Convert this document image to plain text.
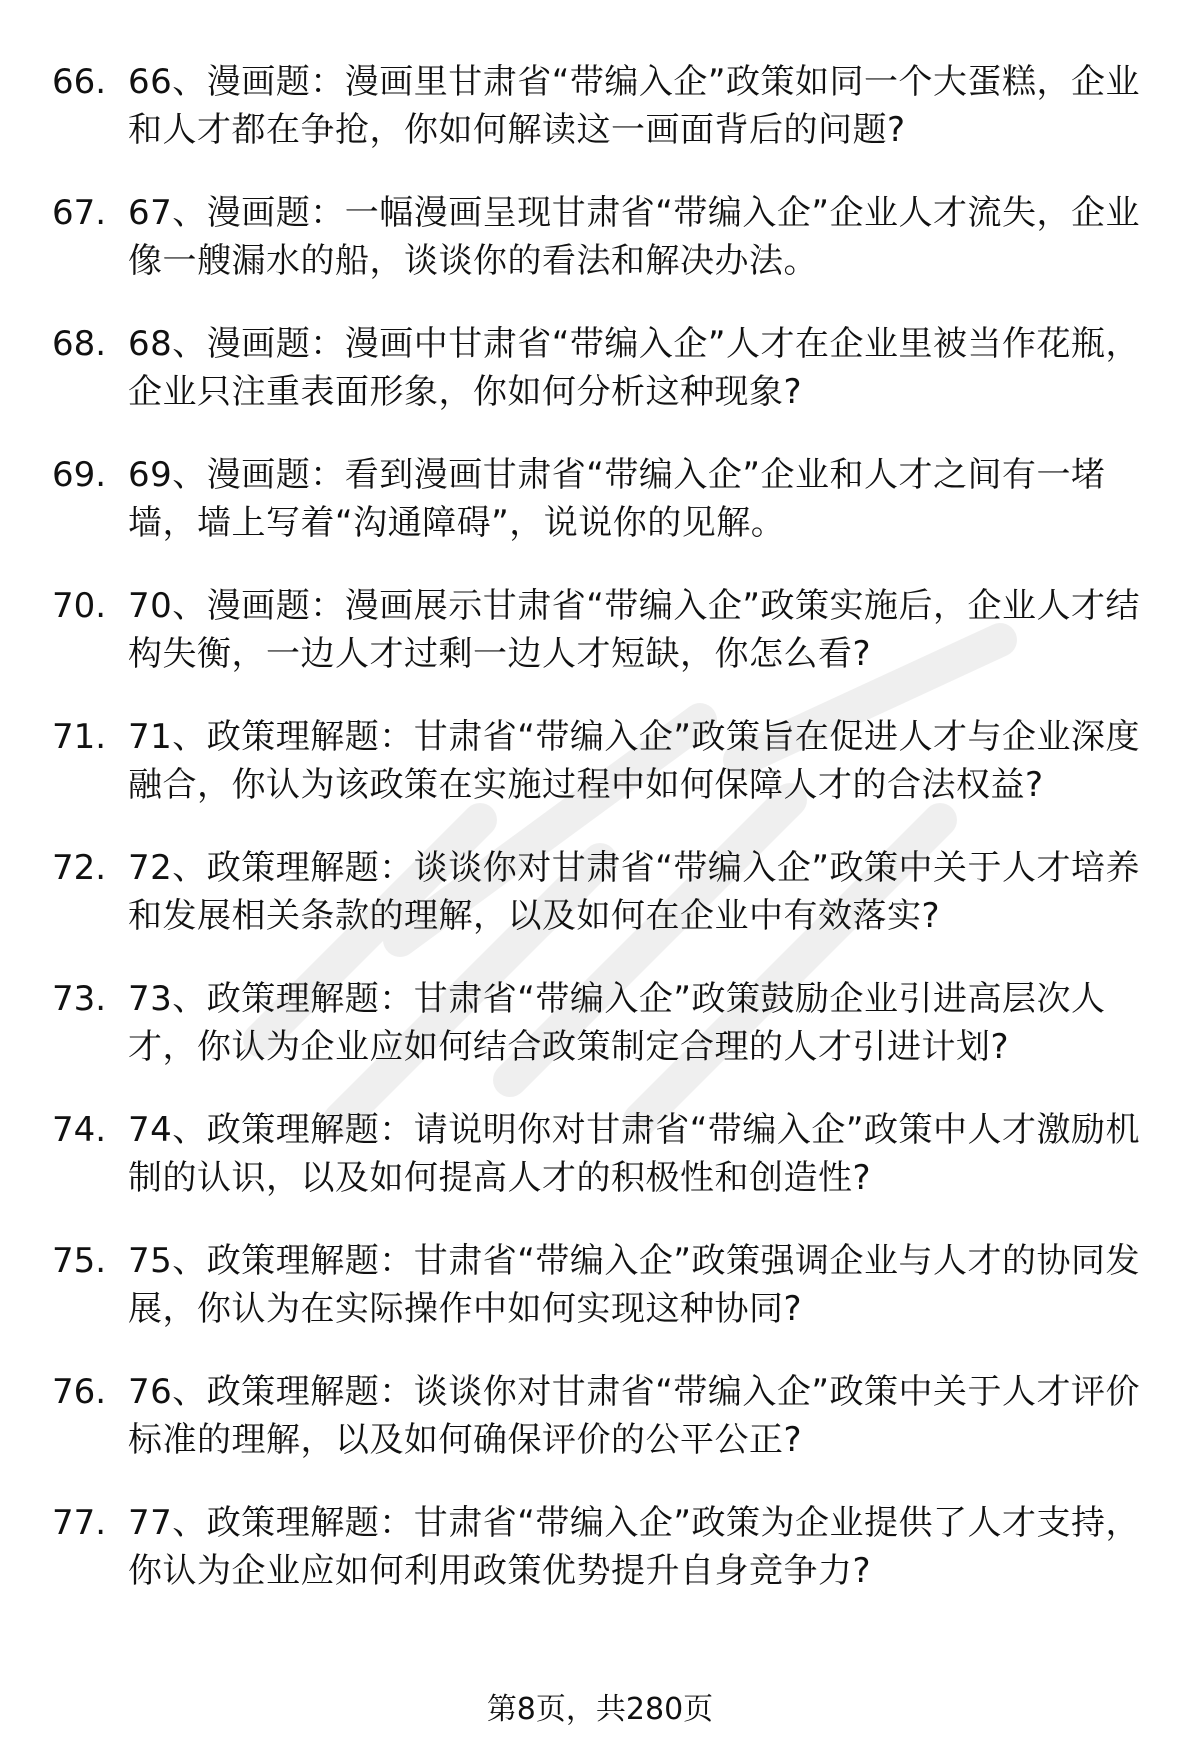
66. 66、漫画题：漫画里甘肃省“带编入企”政策如同一个大蛋糕，企业和人才都在争抢，你如何解读这一画面背后的问题?
67. 67、漫画题：一幅漫画呈现甘肃省“带编入企”企业人才流失，企业像一艘漏水的船，谈谈你的看法和解决办法。
68. 68、漫画题：漫画中甘肃省“带编入企”人才在企业里被当作花瓶，企业只注重表面形象，你如何分析这种现象?
69. 69、漫画题：看到漫画甘肃省“带编入企”企业和人才之间有一堵墙，墙上写着“沟通障碍”，说说你的见解。
70. 70、漫画题：漫画展示甘肃省“带编入企”政策实施后，企业人才结构失衡，一边人才过剩一边人才短缺，你怎么看?
71. 71、政策理解题：甘肃省“带编入企”政策旨在促进人才与企业深度融合，你认为该政策在实施过程中如何保障人才的合法权益?
72. 72、政策理解题：谈谈你对甘肃省“带编入企”政策中关于人才培养和发展相关条款的理解，以及如何在企业中有效落实?
73. 73、政策理解题：甘肃省“带编入企”政策鼓励企业引进高层次人才，你认为企业应如何结合政策制定合理的人才引进计划?
74. 74、政策理解题：请说明你对甘肃省“带编入企”政策中人才激励机制的认识，以及如何提高人才的积极性和创造性?
75. 75、政策理解题：甘肃省“带编入企”政策强调企业与人才的协同发展，你认为在实际操作中如何实现这种协同?
76. 76、政策理解题：谈谈你对甘肃省“带编入企”政策中关于人才评价标准的理解，以及如何确保评价的公平公正?
77. 77、政策理解题：甘肃省“带编入企”政策为企业提供了人才支持，你认为企业应如何利用政策优势提升自身竞争力?
第8页，共280页
